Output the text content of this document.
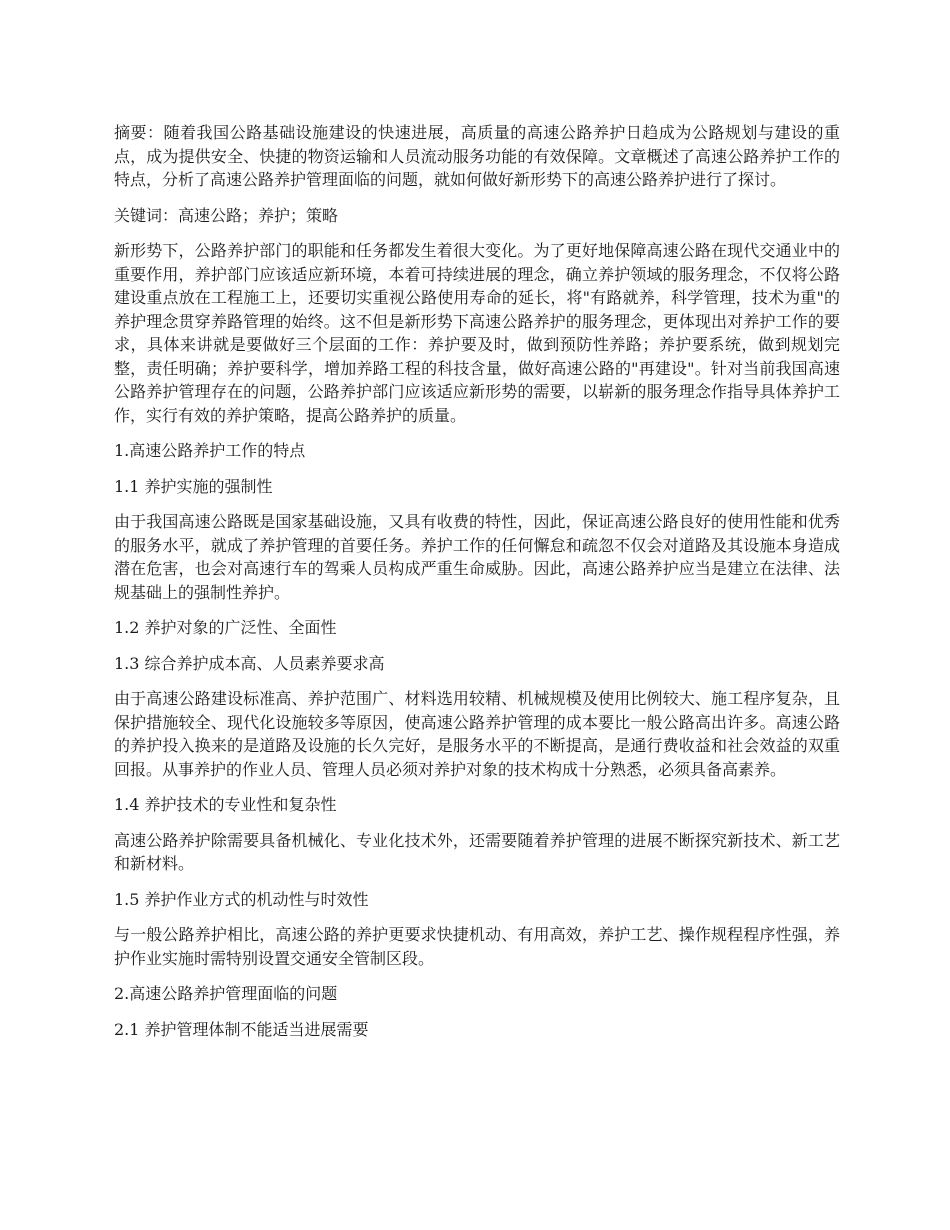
摘要：随着我国公路基础设施建设的快速进展，高质量的高速公路养护日趋成为公路规划与建设的重点，成为提供安全、快捷的物资运输和人员流动服务功能的有效保障。文章概述了高速公路养护工作的特点，分析了高速公路养护管理面临的问题，就如何做好新形势下的高速公路养护进行了探讨。

关键词：高速公路；养护；策略

新形势下，公路养护部门的职能和任务都发生着很大变化。为了更好地保障高速公路在现代交通业中的重要作用，养护部门应该适应新环境，本着可持续进展的理念，确立养护领域的服务理念，不仅将公路建设重点放在工程施工上，还要切实重视公路使用寿命的延长，将"有路就养，科学管理，技术为重"的养护理念贯穿养路管理的始终。这不但是新形势下高速公路养护的服务理念，更体现出对养护工作的要求，具体来讲就是要做好三个层面的工作：养护要及时，做到预防性养路；养护要系统，做到规划完整，责任明确；养护要科学，增加养路工程的科技含量，做好高速公路的"再建设"。针对当前我国高速公路养护管理存在的问题，公路养护部门应该适应新形势的需要，以崭新的服务理念作指导具体养护工作，实行有效的养护策略，提高公路养护的质量。

1.高速公路养护工作的特点

1.1 养护实施的强制性

由于我国高速公路既是国家基础设施，又具有收费的特性，因此，保证高速公路良好的使用性能和优秀的服务水平，就成了养护管理的首要任务。养护工作的任何懈怠和疏忽不仅会对道路及其设施本身造成潜在危害，也会对高速行车的驾乘人员构成严重生命威胁。因此，高速公路养护应当是建立在法律、法规基础上的强制性养护。

1.2 养护对象的广泛性、全面性

1.3 综合养护成本高、人员素养要求高

由于高速公路建设标准高、养护范围广、材料选用较精、机械规模及使用比例较大、施工程序复杂，且保护措施较全、现代化设施较多等原因，使高速公路养护管理的成本要比一般公路高出许多。高速公路的养护投入换来的是道路及设施的长久完好，是服务水平的不断提高，是通行费收益和社会效益的双重回报。从事养护的作业人员、管理人员必须对养护对象的技术构成十分熟悉，必须具备高素养。

1.4 养护技术的专业性和复杂性

高速公路养护除需要具备机械化、专业化技术外，还需要随着养护管理的进展不断探究新技术、新工艺和新材料。

1.5 养护作业方式的机动性与时效性

与一般公路养护相比，高速公路的养护更要求快捷机动、有用高效，养护工艺、操作规程程序性强，养护作业实施时需特别设置交通安全管制区段。

2.高速公路养护管理面临的问题

2.1 养护管理体制不能适当进展需要
